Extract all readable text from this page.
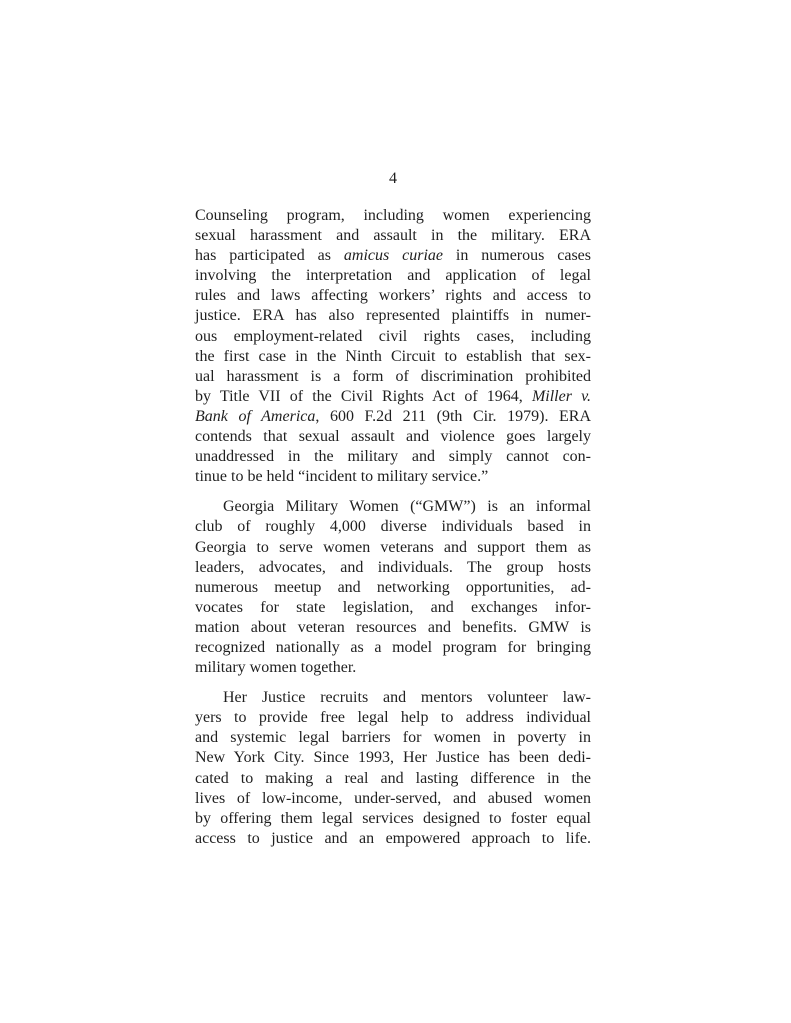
4
Counseling program, including women experiencing
sexual harassment and assault in the military. ERA
has participated as amicus curiae in numerous cases
involving the interpretation and application of legal
rules and laws affecting workers’ rights and access to
justice. ERA has also represented plaintiffs in numer-
ous employment-related civil rights cases, including
the first case in the Ninth Circuit to establish that sex-
ual harassment is a form of discrimination prohibited
by Title VII of the Civil Rights Act of 1964, Miller v.
Bank of America, 600 F.2d 211 (9th Cir. 1979). ERA
contends that sexual assault and violence goes largely
unaddressed in the military and simply cannot con-
tinue to be held “incident to military service.”
Georgia Military Women (“GMW”) is an informal
club of roughly 4,000 diverse individuals based in
Georgia to serve women veterans and support them as
leaders, advocates, and individuals. The group hosts
numerous meetup and networking opportunities, ad-
vocates for state legislation, and exchanges infor-
mation about veteran resources and benefits. GMW is
recognized nationally as a model program for bringing
military women together.
Her Justice recruits and mentors volunteer law-
yers to provide free legal help to address individual
and systemic legal barriers for women in poverty in
New York City. Since 1993, Her Justice has been dedi-
cated to making a real and lasting difference in the
lives of low-income, under-served, and abused women
by offering them legal services designed to foster equal
access to justice and an empowered approach to life.
